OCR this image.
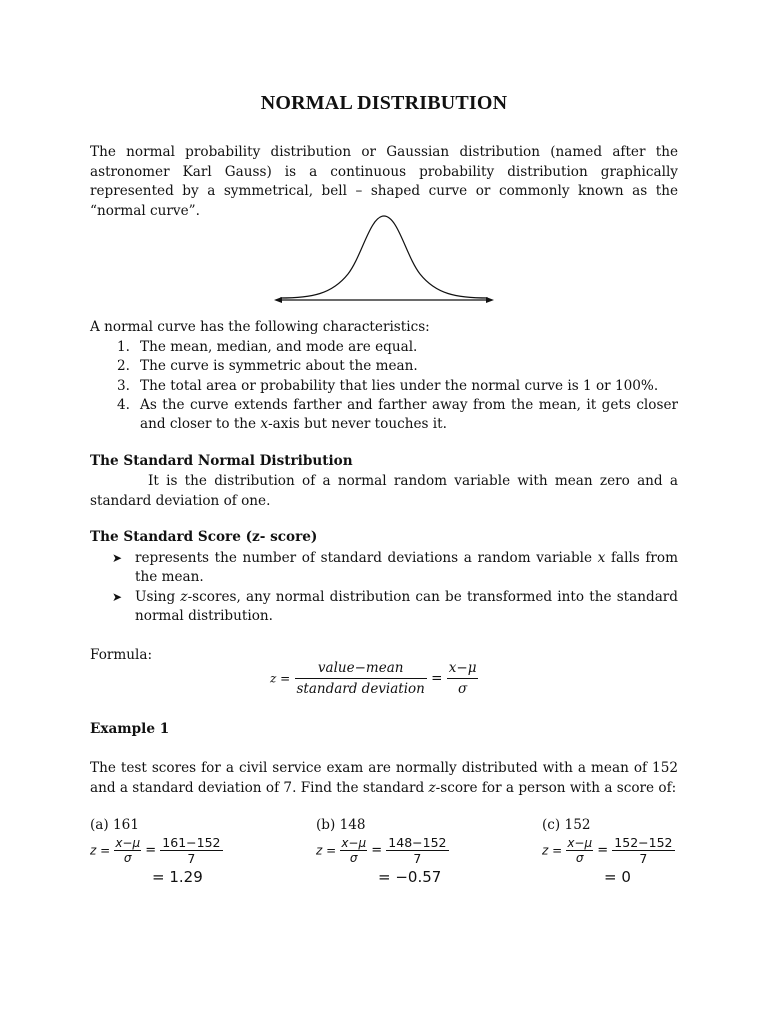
NORMAL DISTRIBUTION
The normal probability distribution or Gaussian distribution (named after the astronomer Karl Gauss) is a continuous probability distribution graphically represented by a symmetrical, bell – shaped curve or commonly known as the “normal curve”.
A normal curve has the following characteristics:
1. The mean, median, and mode are equal.
2. The curve is symmetric about the mean.
3. The total area or probability that lies under the normal curve is 1 or 100%.
4. As the curve extends farther and farther away from the mean, it gets closer and closer to the x-axis but never touches it.
The Standard Normal Distribution
It is the distribution of a normal random variable with mean zero and a standard deviation of one.
The Standard Score (z- score)
➤ represents the number of standard deviations a random variable x falls from the mean.
➤ Using z-scores, any normal distribution can be transformed into the standard normal distribution.
Formula:
$z = \frac{\text{value−mean}}{\text{standard deviation}} = \frac{x-\mu}{\sigma}$
Example 1
The test scores for a civil service exam are normally distributed with a mean of 152 and a standard deviation of 7. Find the standard z-score for a person with a score of:
(a) 161
$z = \frac{x-\mu}{\sigma} = \frac{161-152}{7}$
= 1.29
(b) 148
$z = \frac{x-\mu}{\sigma} = \frac{148-152}{7}$
= −0.57
(c) 152
$z = \frac{x-\mu}{\sigma} = \frac{152-152}{7}$
= 0
